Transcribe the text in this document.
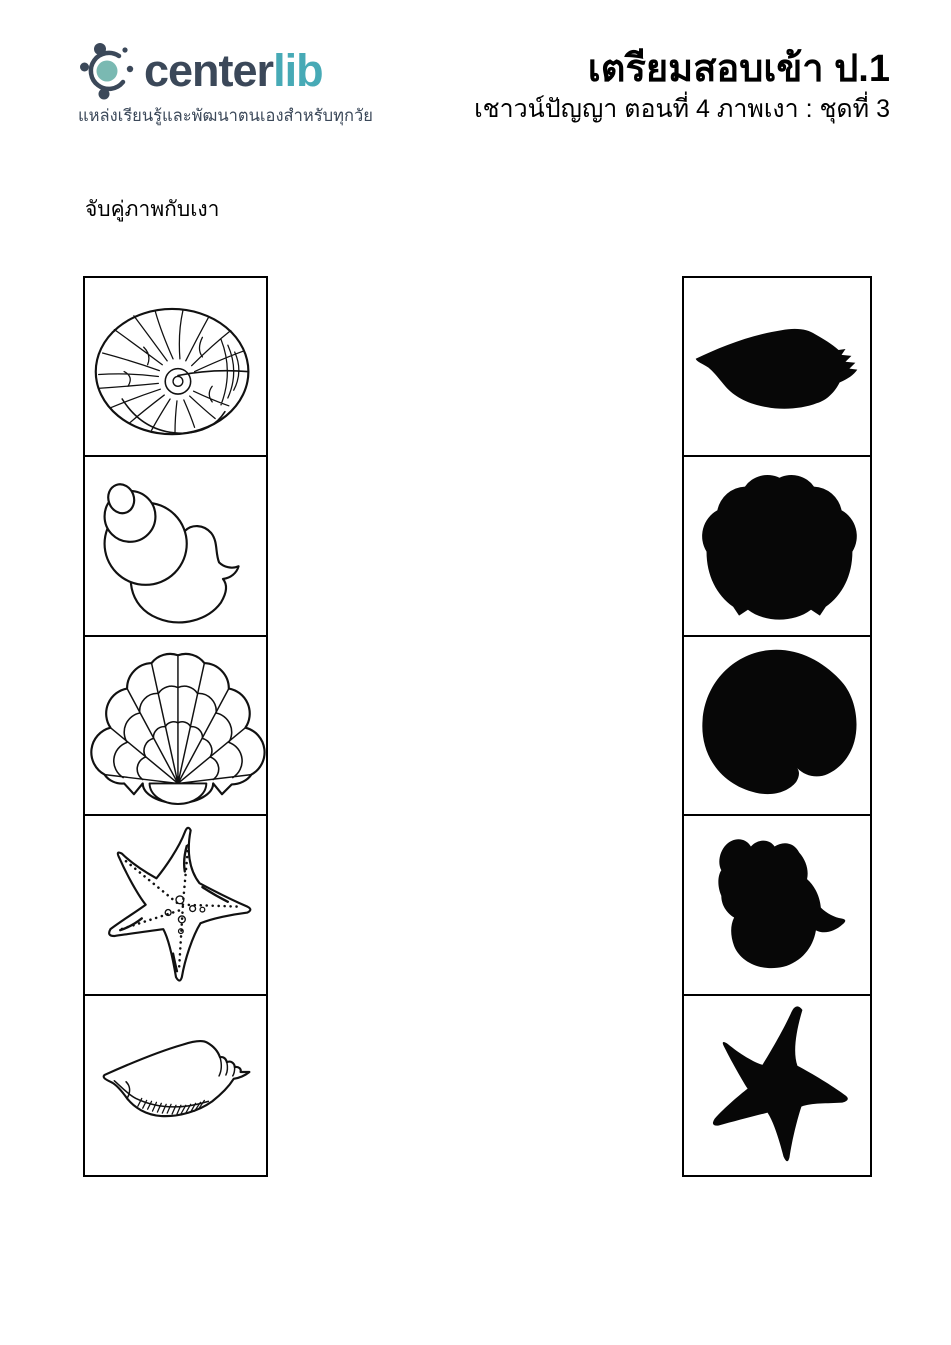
centerlib
แหล่งเรียนรู้และพัฒนาตนเองสำหรับทุกวัย
เตรียมสอบเข้า ป.1
เชาวน์ปัญญา ตอนที่ 4 ภาพเงา : ชุดที่ 3
จับคู่ภาพกับเงา
